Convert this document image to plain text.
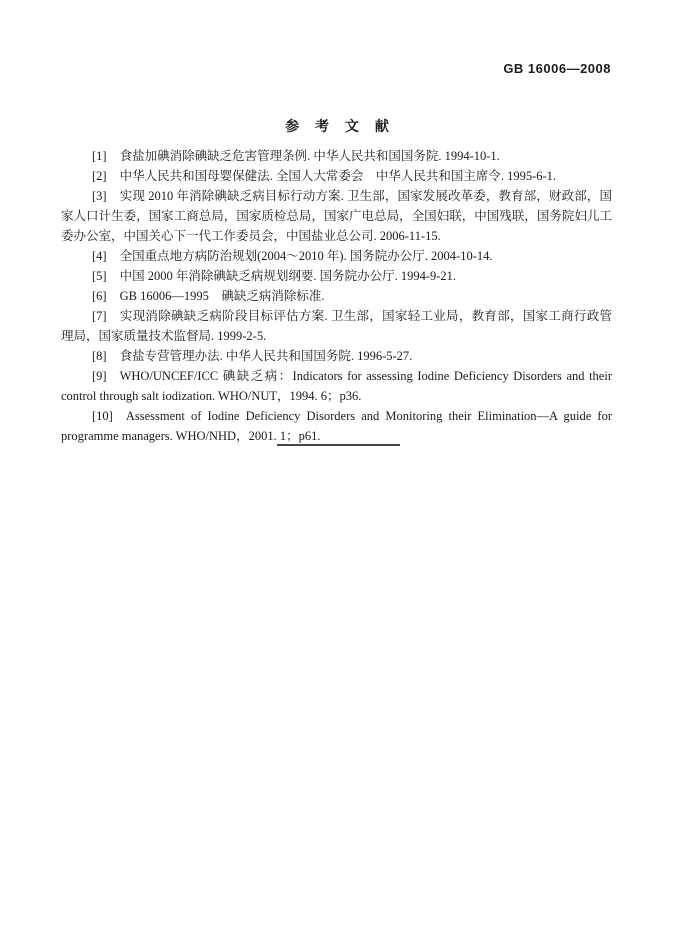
GB 16006—2008
参 考 文 献

[1] 食盐加碘消除碘缺乏危害管理条例. 中华人民共和国国务院. 1994-10-1.

[2] 中华人民共和国母婴保健法. 全国人大常委会　中华人民共和国主席令. 1995-6-1.

[3] 实现 2010 年消除碘缺乏病目标行动方案. 卫生部，国家发展改革委，教育部，财政部，国家人口计生委，国家工商总局，国家质检总局，国家广电总局，全国妇联，中国残联，国务院妇儿工委办公室，中国关心下一代工作委员会，中国盐业总公司. 2006-11-15.

[4] 全国重点地方病防治规划(2004～2010 年). 国务院办公厅. 2004-10-14.

[5] 中国 2000 年消除碘缺乏病规划纲要. 国务院办公厅. 1994-9-21.

[6] GB 16006—1995　碘缺乏病消除标准.

[7] 实现消除碘缺乏病阶段目标评估方案. 卫生部，国家轻工业局，教育部，国家工商行政管理局，国家质量技术监督局. 1999-2-5.

[8] 食盐专营管理办法. 中华人民共和国国务院. 1996-5-27.

[9] WHO/UNCEF/ICC 碘缺乏病：Indicators for assessing Iodine Deficiency Disorders and their control through salt iodization. WHO/NUT，1994. 6；p36.

[10] Assessment of Iodine Deficiency Disorders and Monitoring their Elimination—A guide for programme managers. WHO/NHD，2001. 1；p61.
